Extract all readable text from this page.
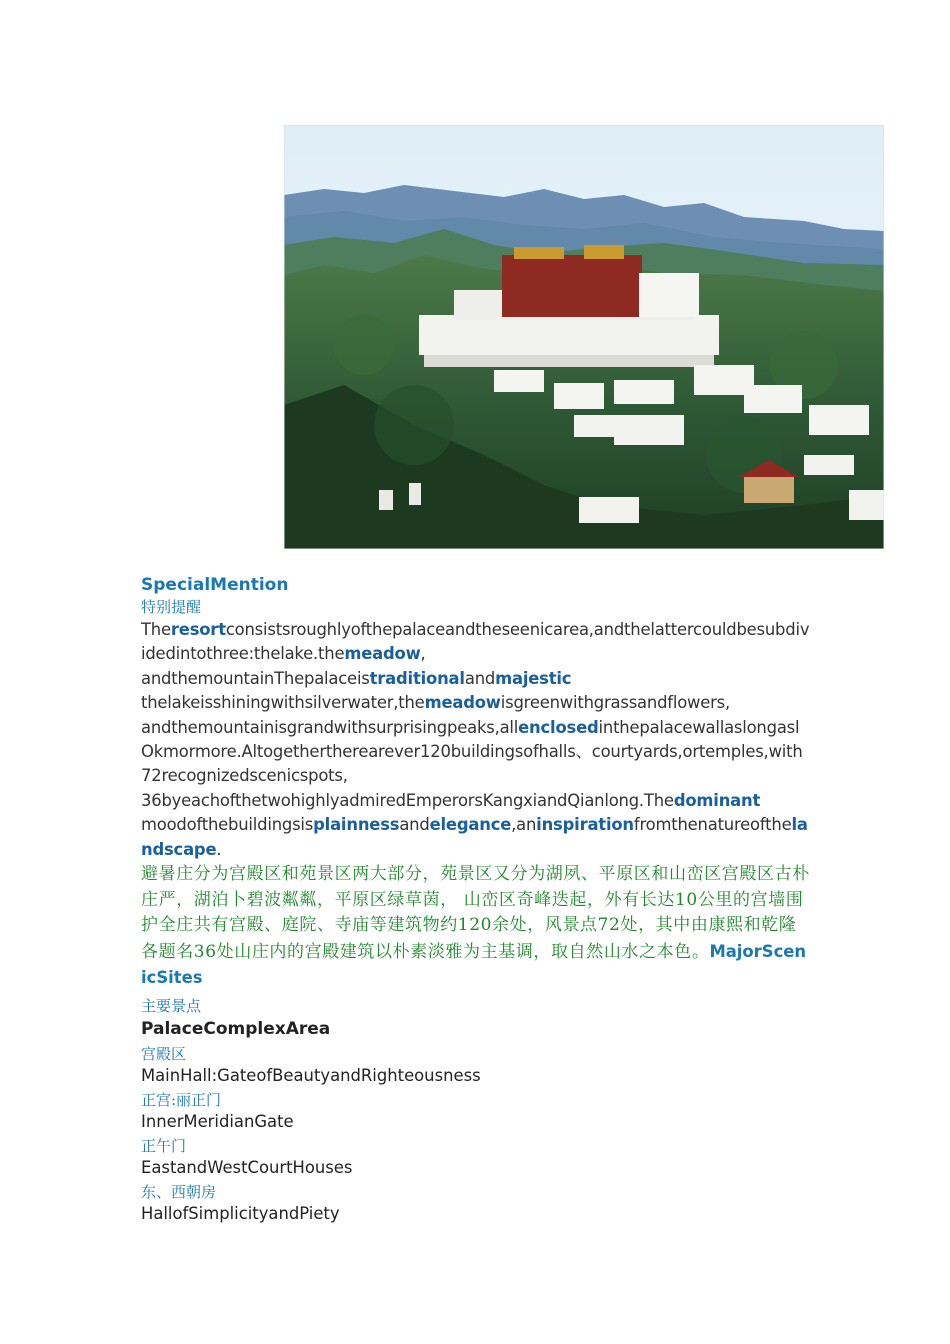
SpecialMention
特别提醒
Theresortconsistsroughlyofthepalaceandtheseenicarea,andthelattercouldbesubdividedintothree:thelake.themeadow,
andthemountainThepalaceistraditionalandmajestic
thelakeisshiningwithsilverwater,themeadowisgreenwithgrassandflowers,
andthemountainisgrandwithsurprisingpeaks,allenclosedinthepalacewallaslongaslOkmormore.Altogethertherearever120buildingsofhalls、courtyards,ortemples,with72recognizedscenicspots,
36byeachofthetwohighlyadmiredEmperorsKangxiandQianlong.Thedominant
moodofthebuildingsisplainnessandelegance,aninspirationfromthenatureofthelandscape.
避暑庄分为宫殿区和苑景区两大部分，苑景区又分为湖夙、平原区和山峦区宫殿区古朴庄严，湖泊卜碧波粼粼，平原区绿草茵， 山峦区奇峰迭起，外有长达10公里的宫墙围护全庄共有宫殿、庭院、寺庙等建筑物约120余处，风景点72处，其中由康熙和乾隆各题名36处山庄内的宫殿建筑以朴素淡雅为主基调，取自然山水之本色。MajorScenicSites
主要景点
PalaceComplexArea
宫殿区
MainHall:GateofBeautyandRighteousness
正宫:丽正门
InnerMeridianGate
正午门
EastandWestCourtHouses
东、西朝房
HallofSimplicityandPiety
